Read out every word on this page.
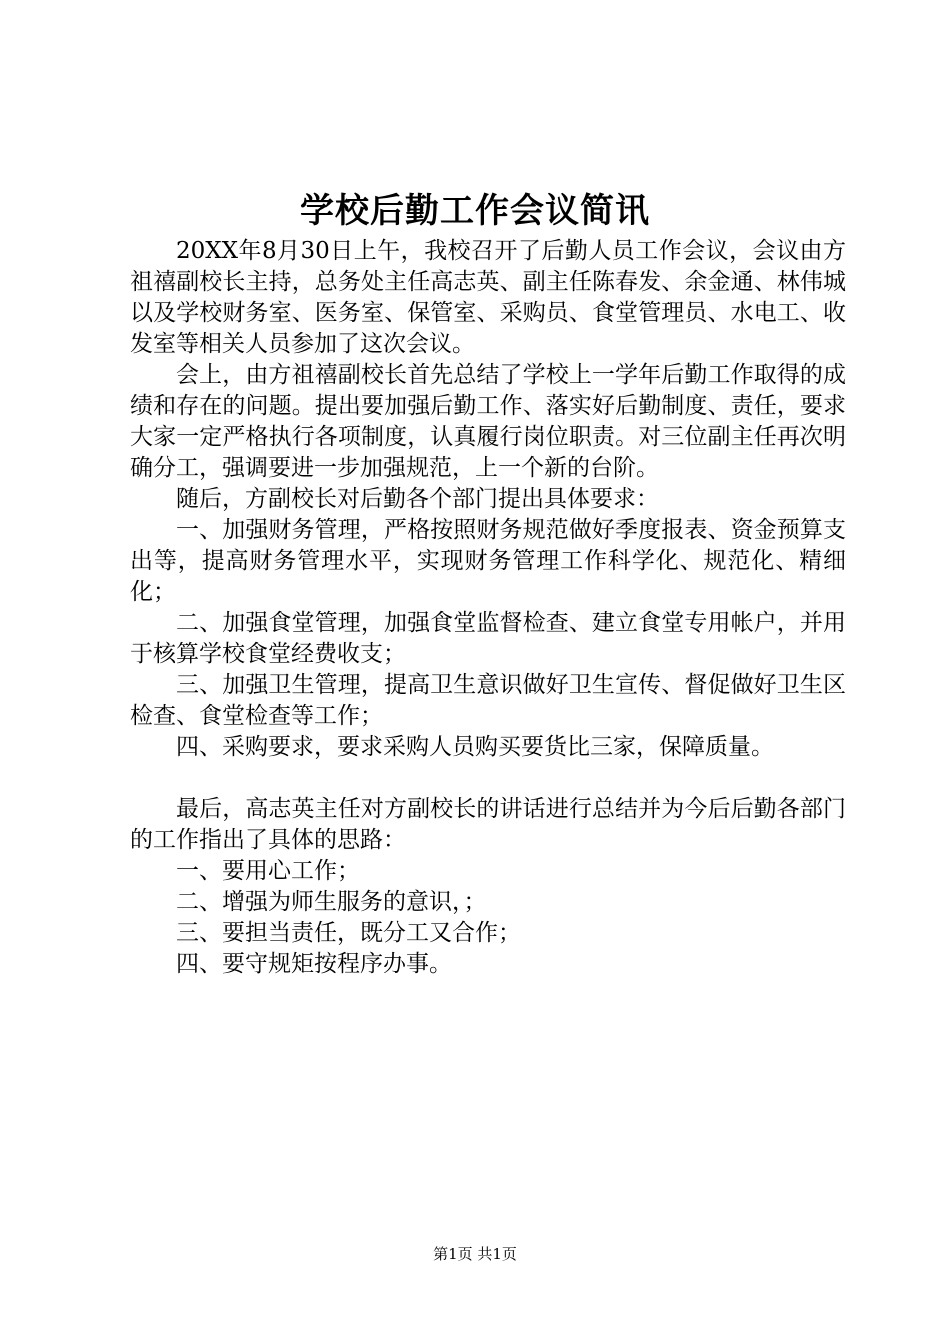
学校后勤工作会议简讯

20XX年8月30日上午，我校召开了后勤人员工作会议，会议由方祖禧副校长主持，总务处主任高志英、副主任陈春发、余金通、林伟城以及学校财务室、医务室、保管室、采购员、食堂管理员、水电工、收发室等相关人员参加了这次会议。

会上，由方祖禧副校长首先总结了学校上一学年后勤工作取得的成绩和存在的问题。提出要加强后勤工作、落实好后勤制度、责任，要求大家一定严格执行各项制度，认真履行岗位职责。对三位副主任再次明确分工，强调要进一步加强规范，上一个新的台阶。

随后，方副校长对后勤各个部门提出具体要求：

一、加强财务管理，严格按照财务规范做好季度报表、资金预算支出等，提高财务管理水平，实现财务管理工作科学化、规范化、精细化；

二、加强食堂管理，加强食堂监督检查、建立食堂专用帐户，并用于核算学校食堂经费收支；

三、加强卫生管理，提高卫生意识做好卫生宣传、督促做好卫生区检查、食堂检查等工作；

四、采购要求，要求采购人员购买要货比三家，保障质量。

最后，高志英主任对方副校长的讲话进行总结并为今后后勤各部门的工作指出了具体的思路：

一、要用心工作；

二、增强为师生服务的意识，；

三、要担当责任，既分工又合作；

四、要守规矩按程序办事。

第1页 共1页
